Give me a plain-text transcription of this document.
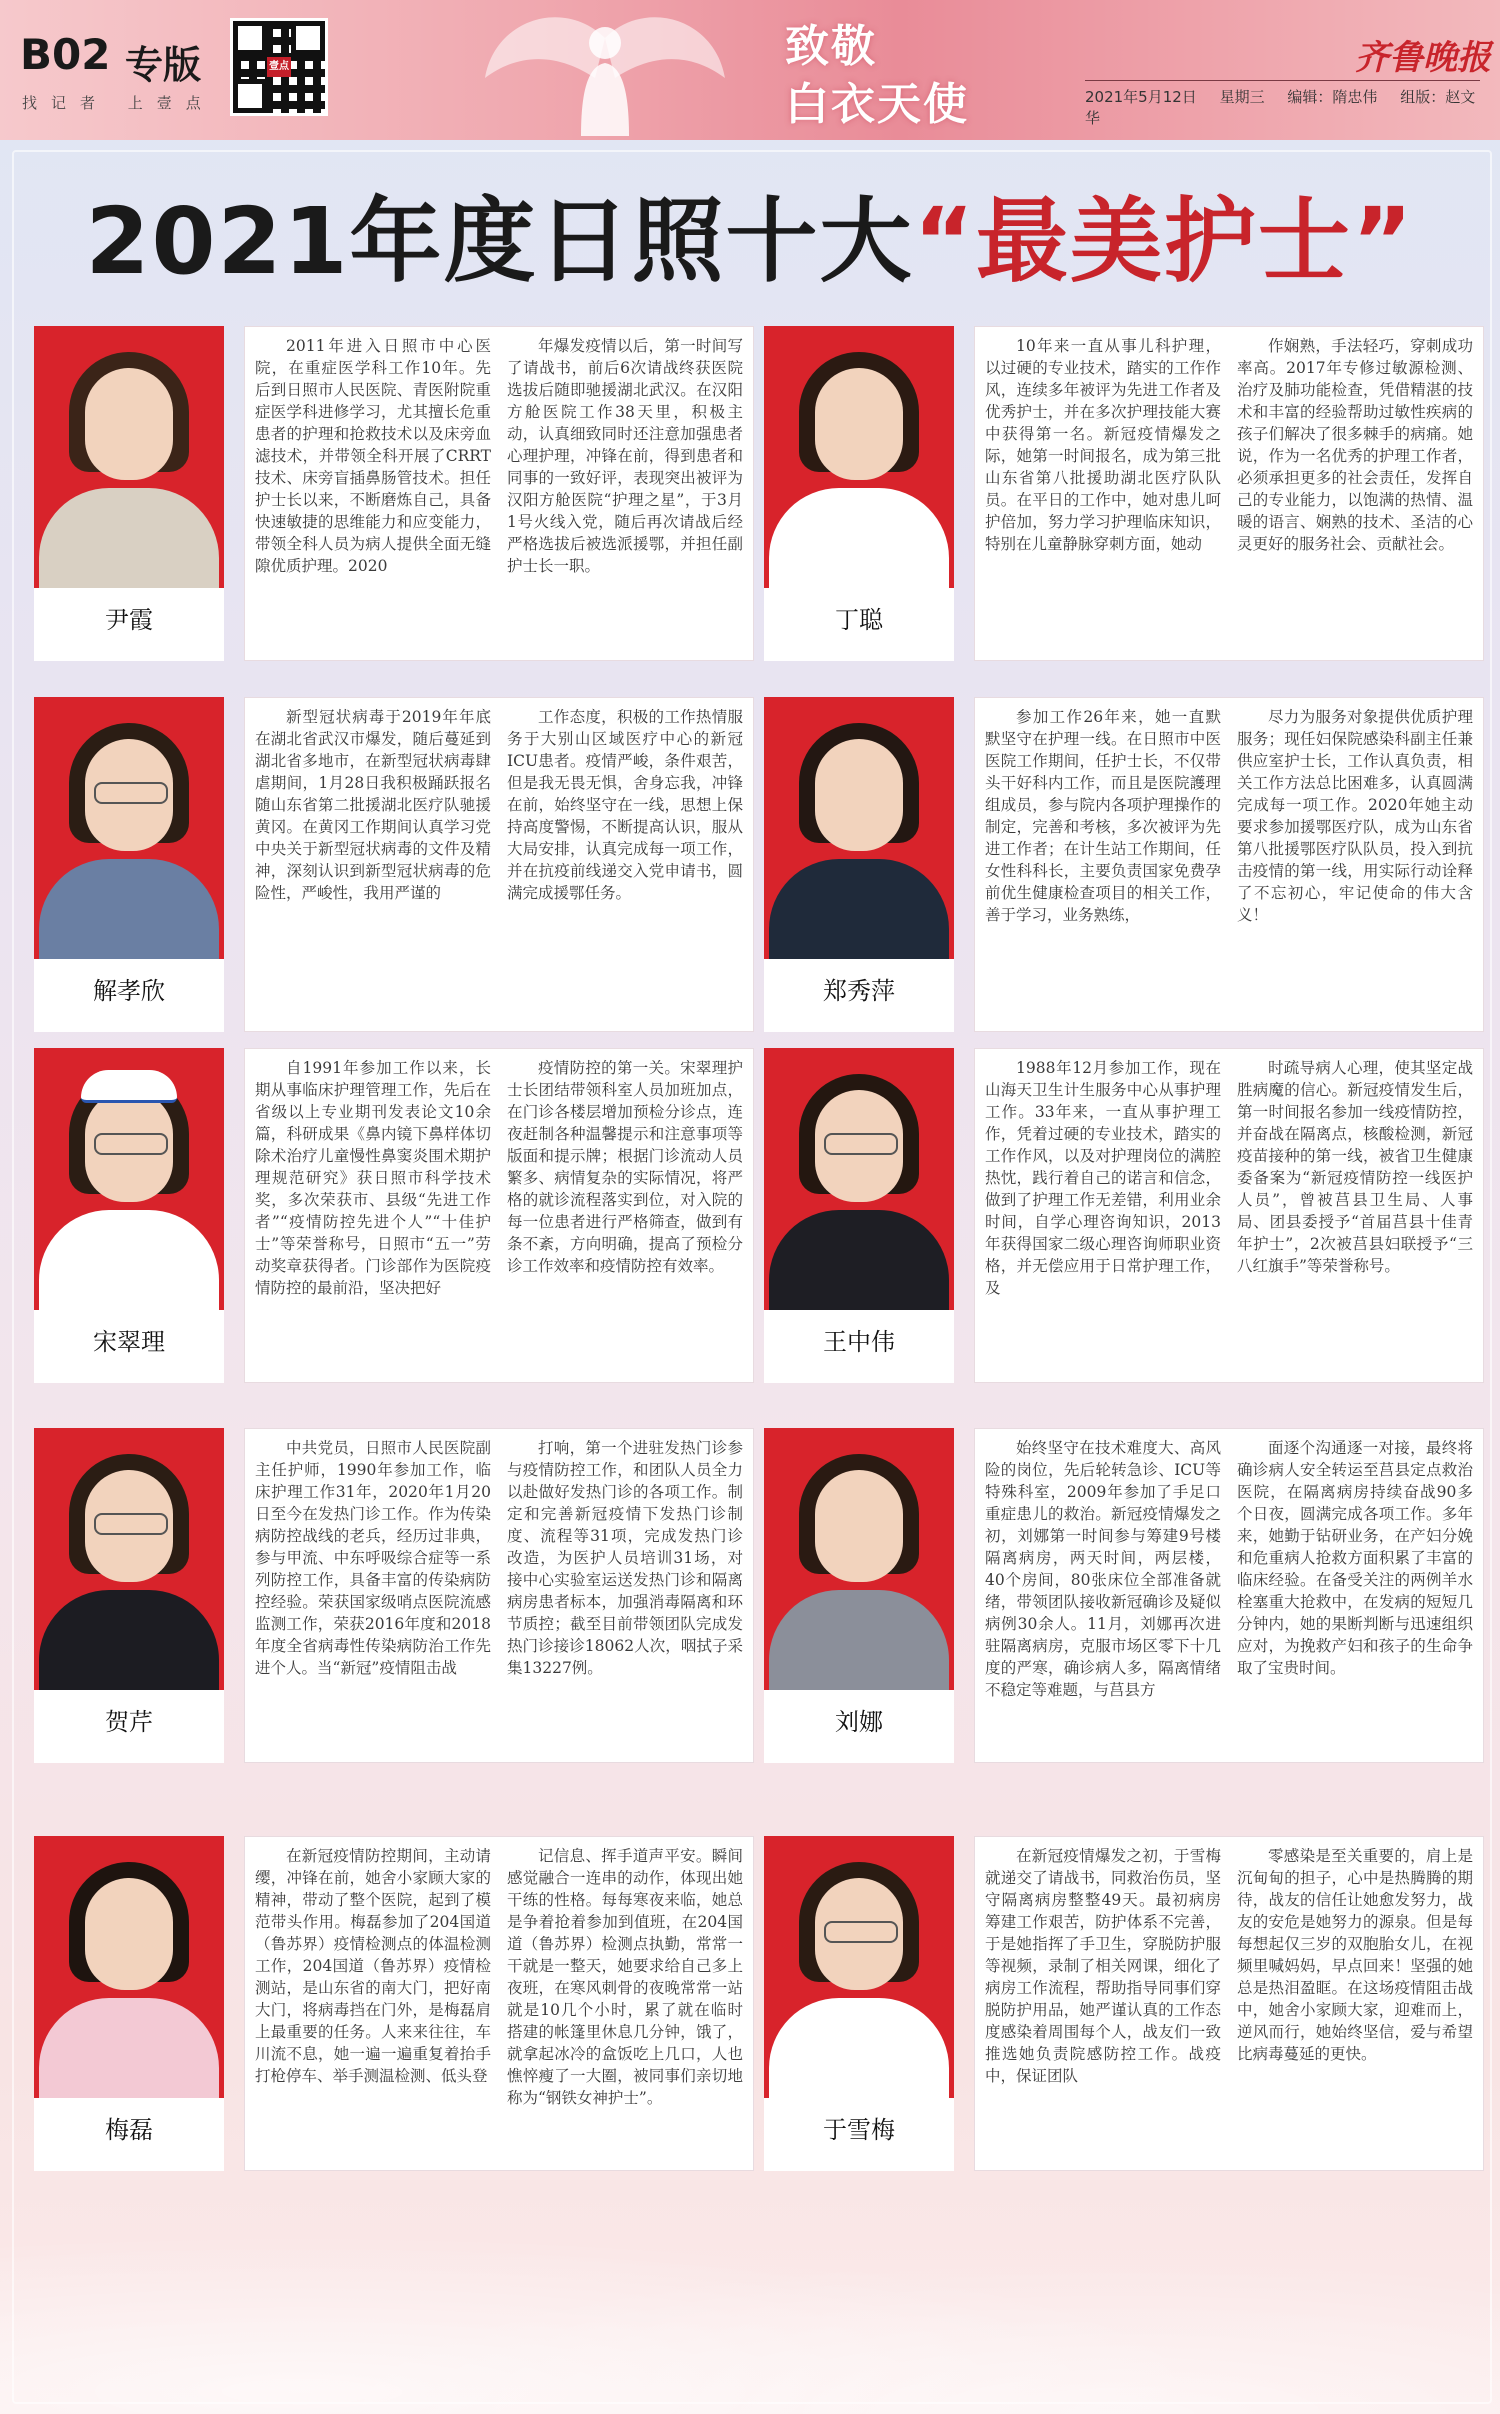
B02 专版
找记者 上壹点
壹点	致敬
白衣天使
齐鲁晚报
2021年5月12日 星期三 编辑：隋忠伟 组版：赵文华
2021年度日照十大“最美护士”
尹霞

2011年进入日照市中心医院，在重症医学科工作10年。先后到日照市人民医院、青医附院重症医学科进修学习，尤其擅长危重患者的护理和抢救技术以及床旁血滤技术，并带领全科开展了CRRT技术、床旁盲插鼻肠管技术。担任护士长以来，不断磨炼自己，具备快速敏捷的思维能力和应变能力，带领全科人员为病人提供全面无缝隙优质护理。2020

年爆发疫情以后，第一时间写了请战书，前后6次请战终获医院选拔后随即驰援湖北武汉。在汉阳方舱医院工作38天里，积极主动，认真细致同时还注意加强患者心理护理，冲锋在前，得到患者和同事的一致好评，表现突出被评为汉阳方舱医院“护理之星”，于3月1号火线入党，随后再次请战后经严格选拔后被选派援鄂，并担任副护士长一职。

丁聪

10年来一直从事儿科护理，以过硬的专业技术，踏实的工作作风，连续多年被评为先进工作者及优秀护士，并在多次护理技能大赛中获得第一名。新冠疫情爆发之际，她第一时间报名，成为第三批山东省第八批援助湖北医疗队队员。在平日的工作中，她对患儿呵护倍加，努力学习护理临床知识，特别在儿童静脉穿刺方面，她动

作娴熟，手法轻巧，穿刺成功率高。2017年专修过敏源检测、治疗及肺功能检查，凭借精湛的技术和丰富的经验帮助过敏性疾病的孩子们解决了很多棘手的病痛。她说，作为一名优秀的护理工作者，必须承担更多的社会责任，发挥自己的专业能力，以饱满的热情、温暖的语言、娴熟的技术、圣洁的心灵更好的服务社会、贡献社会。

解孝欣

新型冠状病毒于2019年年底在湖北省武汉市爆发，随后蔓延到湖北省多地市，在新型冠状病毒肆虐期间，1月28日我积极踊跃报名随山东省第二批援湖北医疗队驰援黄冈。在黄冈工作期间认真学习党中央关于新型冠状病毒的文件及精神，深刻认识到新型冠状病毒的危险性，严峻性，我用严谨的

工作态度，积极的工作热情服务于大别山区域医疗中心的新冠ICU患者。疫情严峻，条件艰苦，但是我无畏无惧，舍身忘我，冲锋在前，始终坚守在一线，思想上保持高度警惕，不断提高认识，服从大局安排，认真完成每一项工作，并在抗疫前线递交入党申请书，圆满完成援鄂任务。

郑秀萍

参加工作26年来，她一直默默坚守在护理一线。在日照市中医医院工作期间，任护士长，不仅带头干好科内工作，而且是医院護理组成员，参与院内各项护理操作的制定，完善和考核，多次被评为先进工作者；在计生站工作期间，任女性科科长，主要负责国家免费孕前优生健康检查项目的相关工作，善于学习，业务熟练，

尽力为服务对象提供优质护理服务；现任妇保院感染科副主任兼供应室护士长，工作认真负责，相关工作方法总比困难多，认真圆满完成每一项工作。2020年她主动要求参加援鄂医疗队，成为山东省第八批援鄂医疗队队员，投入到抗击疫情的第一线，用实际行动诠释了不忘初心，牢记使命的伟大含义！

宋翠理

自1991年参加工作以来，长期从事临床护理管理工作，先后在省级以上专业期刊发表论文10余篇，科研成果《鼻内镜下鼻样体切除术治疗儿童慢性鼻窦炎围术期护理规范研究》获日照市科学技术奖，多次荣获市、县级“先进工作者”“疫情防控先进个人”“十佳护士”等荣誉称号，日照市“五一”劳动奖章获得者。门诊部作为医院疫情防控的最前沿，坚决把好

疫情防控的第一关。宋翠理护士长团结带领科室人员加班加点，在门诊各楼层增加预检分诊点，连夜赶制各种温馨提示和注意事项等版面和提示牌；根据门诊流动人员繁多、病情复杂的实际情况，将严格的就诊流程落实到位，对入院的每一位患者进行严格筛查，做到有条不紊，方向明确，提高了预检分诊工作效率和疫情防控有效率。

王中伟

1988年12月参加工作，现在山海天卫生计生服务中心从事护理工作。33年来，一直从事护理工作，凭着过硬的专业技术，踏实的工作作风，以及对护理岗位的满腔热忱，践行着自己的诺言和信念，做到了护理工作无差错，利用业余时间，自学心理咨询知识，2013年获得国家二级心理咨询师职业资格，并无偿应用于日常护理工作，及

时疏导病人心理，使其坚定战胜病魔的信心。新冠疫情发生后，第一时间报名参加一线疫情防控，并奋战在隔离点，核酸检测，新冠疫苗接种的第一线，被省卫生健康委备案为“新冠疫情防控一线医护人员”，曾被莒县卫生局、人事局、团县委授予“首届莒县十佳青年护士”，2次被莒县妇联授予“三八红旗手”等荣誉称号。

贺芹

中共党员，日照市人民医院副主任护师，1990年参加工作，临床护理工作31年，2020年1月20日至今在发热门诊工作。作为传染病防控战线的老兵，经历过非典，参与甲流、中东呼吸综合症等一系列防控工作，具备丰富的传染病防控经验。荣获国家级哨点医院流感监测工作，荣获2016年度和2018年度全省病毒性传染病防治工作先进个人。当“新冠”疫情阻击战

打响，第一个进驻发热门诊参与疫情防控工作，和团队人员全力以赴做好发热门诊的各项工作。制定和完善新冠疫情下发热门诊制度、流程等31项，完成发热门诊改造，为医护人员培训31场，对接中心实验室运送发热门诊和隔离病房患者标本，加强消毒隔离和环节质控；截至目前带领团队完成发热门诊接诊18062人次，咽拭子采集13227例。

刘娜

始终坚守在技术难度大、高风险的岗位，先后轮转急诊、ICU等特殊科室，2009年参加了手足口重症患儿的救治。新冠疫情爆发之初，刘娜第一时间参与筹建9号楼隔离病房，两天时间，两层楼，40个房间，80张床位全部准备就绪，带领团队接收新冠确诊及疑似病例30余人。11月，刘娜再次进驻隔离病房，克服市场区零下十几度的严寒，确诊病人多，隔离情绪不稳定等难题，与莒县方

面逐个沟通逐一对接，最终将确诊病人安全转运至莒县定点救治医院，在隔离病房持续奋战90多个日夜，圆满完成各项工作。多年来，她勤于钻研业务，在产妇分娩和危重病人抢救方面积累了丰富的临床经验。在备受关注的两例羊水栓塞重大抢救中，在发病的短短几分钟内，她的果断判断与迅速组织应对，为挽救产妇和孩子的生命争取了宝贵时间。

梅磊

在新冠疫情防控期间，主动请缨，冲锋在前，她舍小家顾大家的精神，带动了整个医院，起到了模范带头作用。梅磊参加了204国道（鲁苏界）疫情检测点的体温检测工作，204国道（鲁苏界）疫情检测站，是山东省的南大门，把好南大门，将病毒挡在门外，是梅磊肩上最重要的任务。人来来往往，车川流不息，她一遍一遍重复着抬手打枪停车、举手测温检测、低头登

记信息、挥手道声平安。瞬间感觉融合一连串的动作，体现出她干练的性格。每每寒夜来临，她总是争着抢着参加到值班，在204国道（鲁苏界）检测点执勤，常常一干就是一整天，她要求给自己多上夜班，在寒风刺骨的夜晚常常一站就是10几个小时，累了就在临时搭建的帐篷里休息几分钟，饿了，就拿起冰冷的盒饭吃上几口，人也憔悴瘦了一大圈，被同事们亲切地称为“钢铁女神护士”。

于雪梅

在新冠疫情爆发之初，于雪梅就递交了请战书，同救治伤员，坚守隔离病房整整49天。最初病房筹建工作艰苦，防护体系不完善，于是她指挥了手卫生，穿脱防护服等视频，录制了相关网课，细化了病房工作流程，帮助指导同事们穿脱防护用品，她严谨认真的工作态度感染着周围每个人，战友们一致推选她负责院感防控工作。战疫中，保证团队

零感染是至关重要的，肩上是沉甸甸的担子，心中是热腾腾的期待，战友的信任让她愈发努力，战友的安危是她努力的源泉。但是每每想起仅三岁的双胞胎女儿，在视频里喊妈妈，早点回来！坚强的她总是热泪盈眶。在这场疫情阻击战中，她舍小家顾大家，迎难而上，逆风而行，她始终坚信，爱与希望比病毒蔓延的更快。
